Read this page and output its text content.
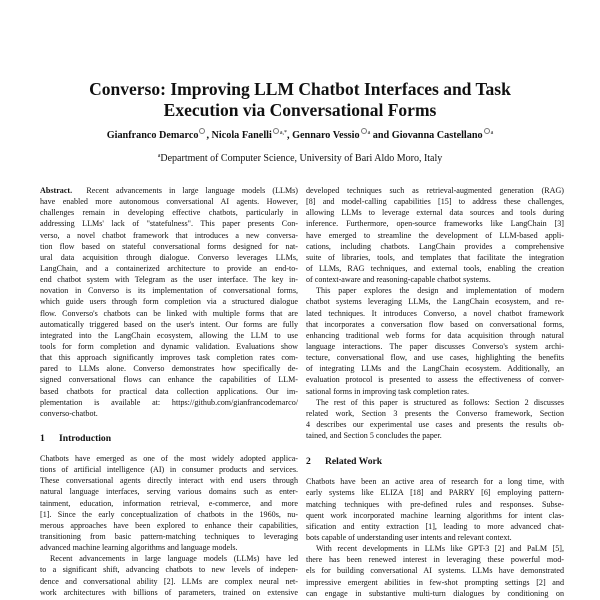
Converso: Improving LLM Chatbot Interfaces and Task
Execution via Conversational Forms
Gianfranco Demarco , Nicola Fanelli $^{a,*}$, Gennaro Vessio $^a$ and Giovanna Castellano $^a$
$^a$Department of Computer Science, University of Bari Aldo Moro, Italy
Abstract. Recent advancements in large language models (LLMs)
have enabled more autonomous conversational AI agents. However,
challenges remain in developing effective chatbots, particularly in
addressing LLMs' lack of "statefulness". This paper presents Con-
verso, a novel chatbot framework that introduces a new conversa-
tion flow based on stateful conversational forms designed for nat-
ural data acquisition through dialogue. Converso leverages LLMs,
LangChain, and a containerized architecture to provide an end-to-
end chatbot system with Telegram as the user interface. The key in-
novation in Converso is its implementation of conversational forms,
which guide users through form completion via a structured dialogue
flow. Converso's chatbots can be linked with multiple forms that are
automatically triggered based on the user's intent. Our forms are fully
integrated into the LangChain ecosystem, allowing the LLM to use
tools for form completion and dynamic validation. Evaluations show
that this approach significantly improves task completion rates com-
pared to LLMs alone. Converso demonstrates how specifically de-
signed conversational flows can enhance the capabilities of LLM-
based chatbots for practical data collection applications. Our im-
plementation is available at: https://github.com/gianfrancodemarco/
converso-chatbot.
1 Introduction
Chatbots have emerged as one of the most widely adopted applica-
tions of artificial intelligence (AI) in consumer products and services.
These conversational agents directly interact with end users through
natural language interfaces, serving various domains such as enter-
tainment, education, information retrieval, e-commerce, and more
[1]. Since the early conceptualization of chatbots in the 1960s, nu-
merous approaches have been explored to enhance their capabilities,
transitioning from basic pattern-matching techniques to leveraging
advanced machine learning algorithms and language models.
Recent advancements in large language models (LLMs) have led
to a significant shift, advancing chatbots to new levels of indepen-
dence and conversational ability [2]. LLMs are complex neural net-
work architectures with billions of parameters, trained on extensive
developed techniques such as retrieval-augmented generation (RAG)
[8] and model-calling capabilities [15] to address these challenges,
allowing LLMs to leverage external data sources and tools during
inference. Furthermore, open-source frameworks like LangChain [3]
have emerged to streamline the development of LLM-based appli-
cations, including chatbots. LangChain provides a comprehensive
suite of libraries, tools, and templates that facilitate the integration
of LLMs, RAG techniques, and external tools, enabling the creation
of context-aware and reasoning-capable chatbot systems.
This paper explores the design and implementation of modern
chatbot systems leveraging LLMs, the LangChain ecosystem, and re-
lated techniques. It introduces Converso, a novel chatbot framework
that incorporates a conversation flow based on conversational forms,
enhancing traditional web forms for data acquisition through natural
language interactions. The paper discusses Converso's system archi-
tecture, conversational flow, and use cases, highlighting the benefits
of integrating LLMs and the LangChain ecosystem. Additionally, an
evaluation protocol is presented to assess the effectiveness of conver-
sational forms in improving task completion rates.
The rest of this paper is structured as follows: Section 2 discusses
related work, Section 3 presents the Converso framework, Section
4 describes our experimental use cases and presents the results ob-
tained, and Section 5 concludes the paper.
2 Related Work
Chatbots have been an active area of research for a long time, with
early systems like ELIZA [18] and PARRY [6] employing pattern-
matching techniques with pre-defined rules and responses. Subse-
quent work incorporated machine learning algorithms for intent clas-
sification and entity extraction [1], leading to more advanced chat-
bots capable of understanding user intents and relevant context.
With recent developments in LLMs like GPT-3 [2] and PaLM [5],
there has been renewed interest in leveraging these powerful mod-
els for building conversational AI systems. LLMs have demonstrated
impressive emergent abilities in few-shot prompting settings [2] and
can engage in substantive multi-turn dialogues by conditioning on
